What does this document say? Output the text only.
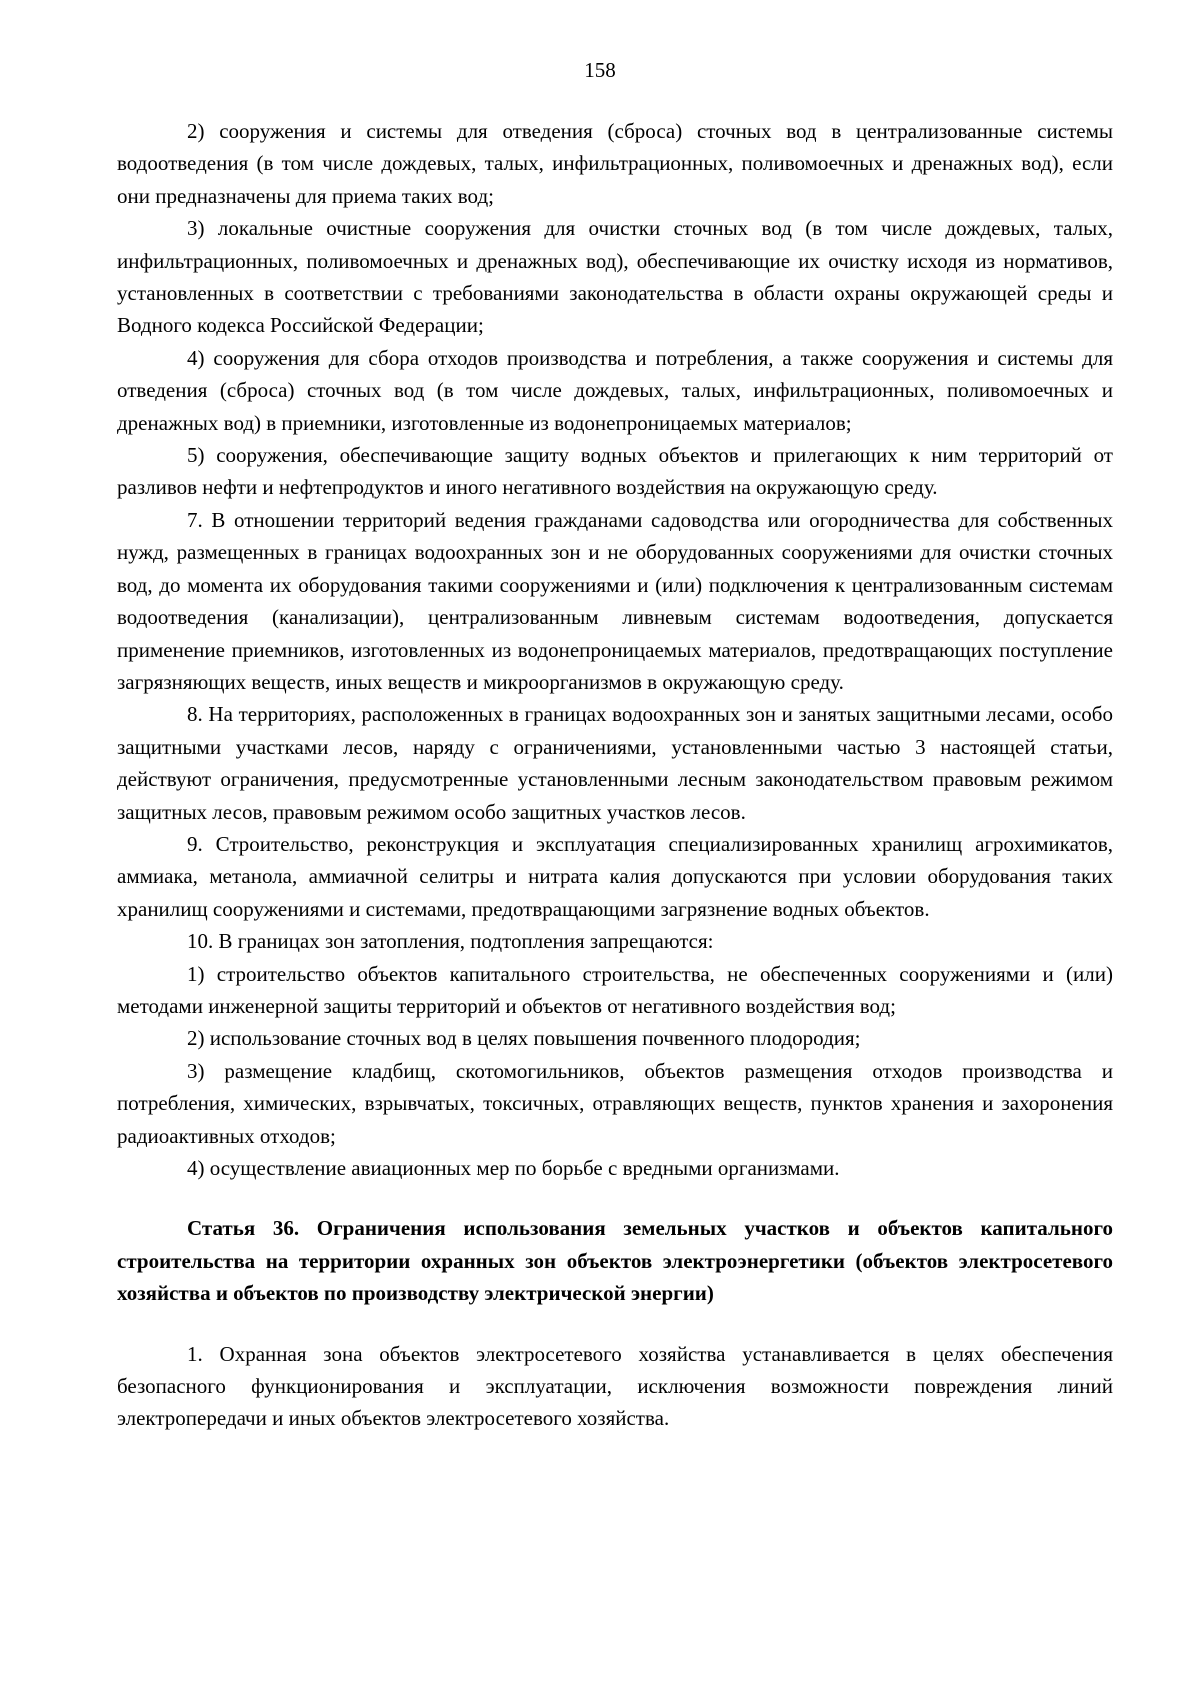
158

2) сооружения и системы для отведения (сброса) сточных вод в централизованные системы водоотведения (в том числе дождевых, талых, инфильтрационных, поливомоечных и дренажных вод), если они предназначены для приема таких вод;

3) локальные очистные сооружения для очистки сточных вод (в том числе дождевых, талых, инфильтрационных, поливомоечных и дренажных вод), обеспечивающие их очистку исходя из нормативов, установленных в соответствии с требованиями законодательства в области охраны окружающей среды и Водного кодекса Российской Федерации;

4) сооружения для сбора отходов производства и потребления, а также сооружения и системы для отведения (сброса) сточных вод (в том числе дождевых, талых, инфильтрационных, поливомоечных и дренажных вод) в приемники, изготовленные из водонепроницаемых материалов;

5) сооружения, обеспечивающие защиту водных объектов и прилегающих к ним территорий от разливов нефти и нефтепродуктов и иного негативного воздействия на окружающую среду.

7. В отношении территорий ведения гражданами садоводства или огородничества для собственных нужд, размещенных в границах водоохранных зон и не оборудованных сооружениями для очистки сточных вод, до момента их оборудования такими сооружениями и (или) подключения к централизованным системам водоотведения (канализации), централизованным ливневым системам водоотведения, допускается применение приемников, изготовленных из водонепроницаемых материалов, предотвращающих поступление загрязняющих веществ, иных веществ и микроорганизмов в окружающую среду.

8. На территориях, расположенных в границах водоохранных зон и занятых защитными лесами, особо защитными участками лесов, наряду с ограничениями, установленными частью 3 настоящей статьи, действуют ограничения, предусмотренные установленными лесным законодательством правовым режимом защитных лесов, правовым режимом особо защитных участков лесов.

9. Строительство, реконструкция и эксплуатация специализированных хранилищ агрохимикатов, аммиака, метанола, аммиачной селитры и нитрата калия допускаются при условии оборудования таких хранилищ сооружениями и системами, предотвращающими загрязнение водных объектов.

10. В границах зон затопления, подтопления запрещаются:

1) строительство объектов капитального строительства, не обеспеченных сооружениями и (или) методами инженерной защиты территорий и объектов от негативного воздействия вод;

2) использование сточных вод в целях повышения почвенного плодородия;

3) размещение кладбищ, скотомогильников, объектов размещения отходов производства и потребления, химических, взрывчатых, токсичных, отравляющих веществ, пунктов хранения и захоронения радиоактивных отходов;

4) осуществление авиационных мер по борьбе с вредными организмами.

Статья 36. Ограничения использования земельных участков и объектов капитального строительства на территории охранных зон объектов электроэнергетики (объектов электросетевого хозяйства и объектов по производству электрической энергии)

1. Охранная зона объектов электросетевого хозяйства устанавливается в целях обеспечения безопасного функционирования и эксплуатации, исключения возможности повреждения линий электропередачи и иных объектов электросетевого хозяйства.
